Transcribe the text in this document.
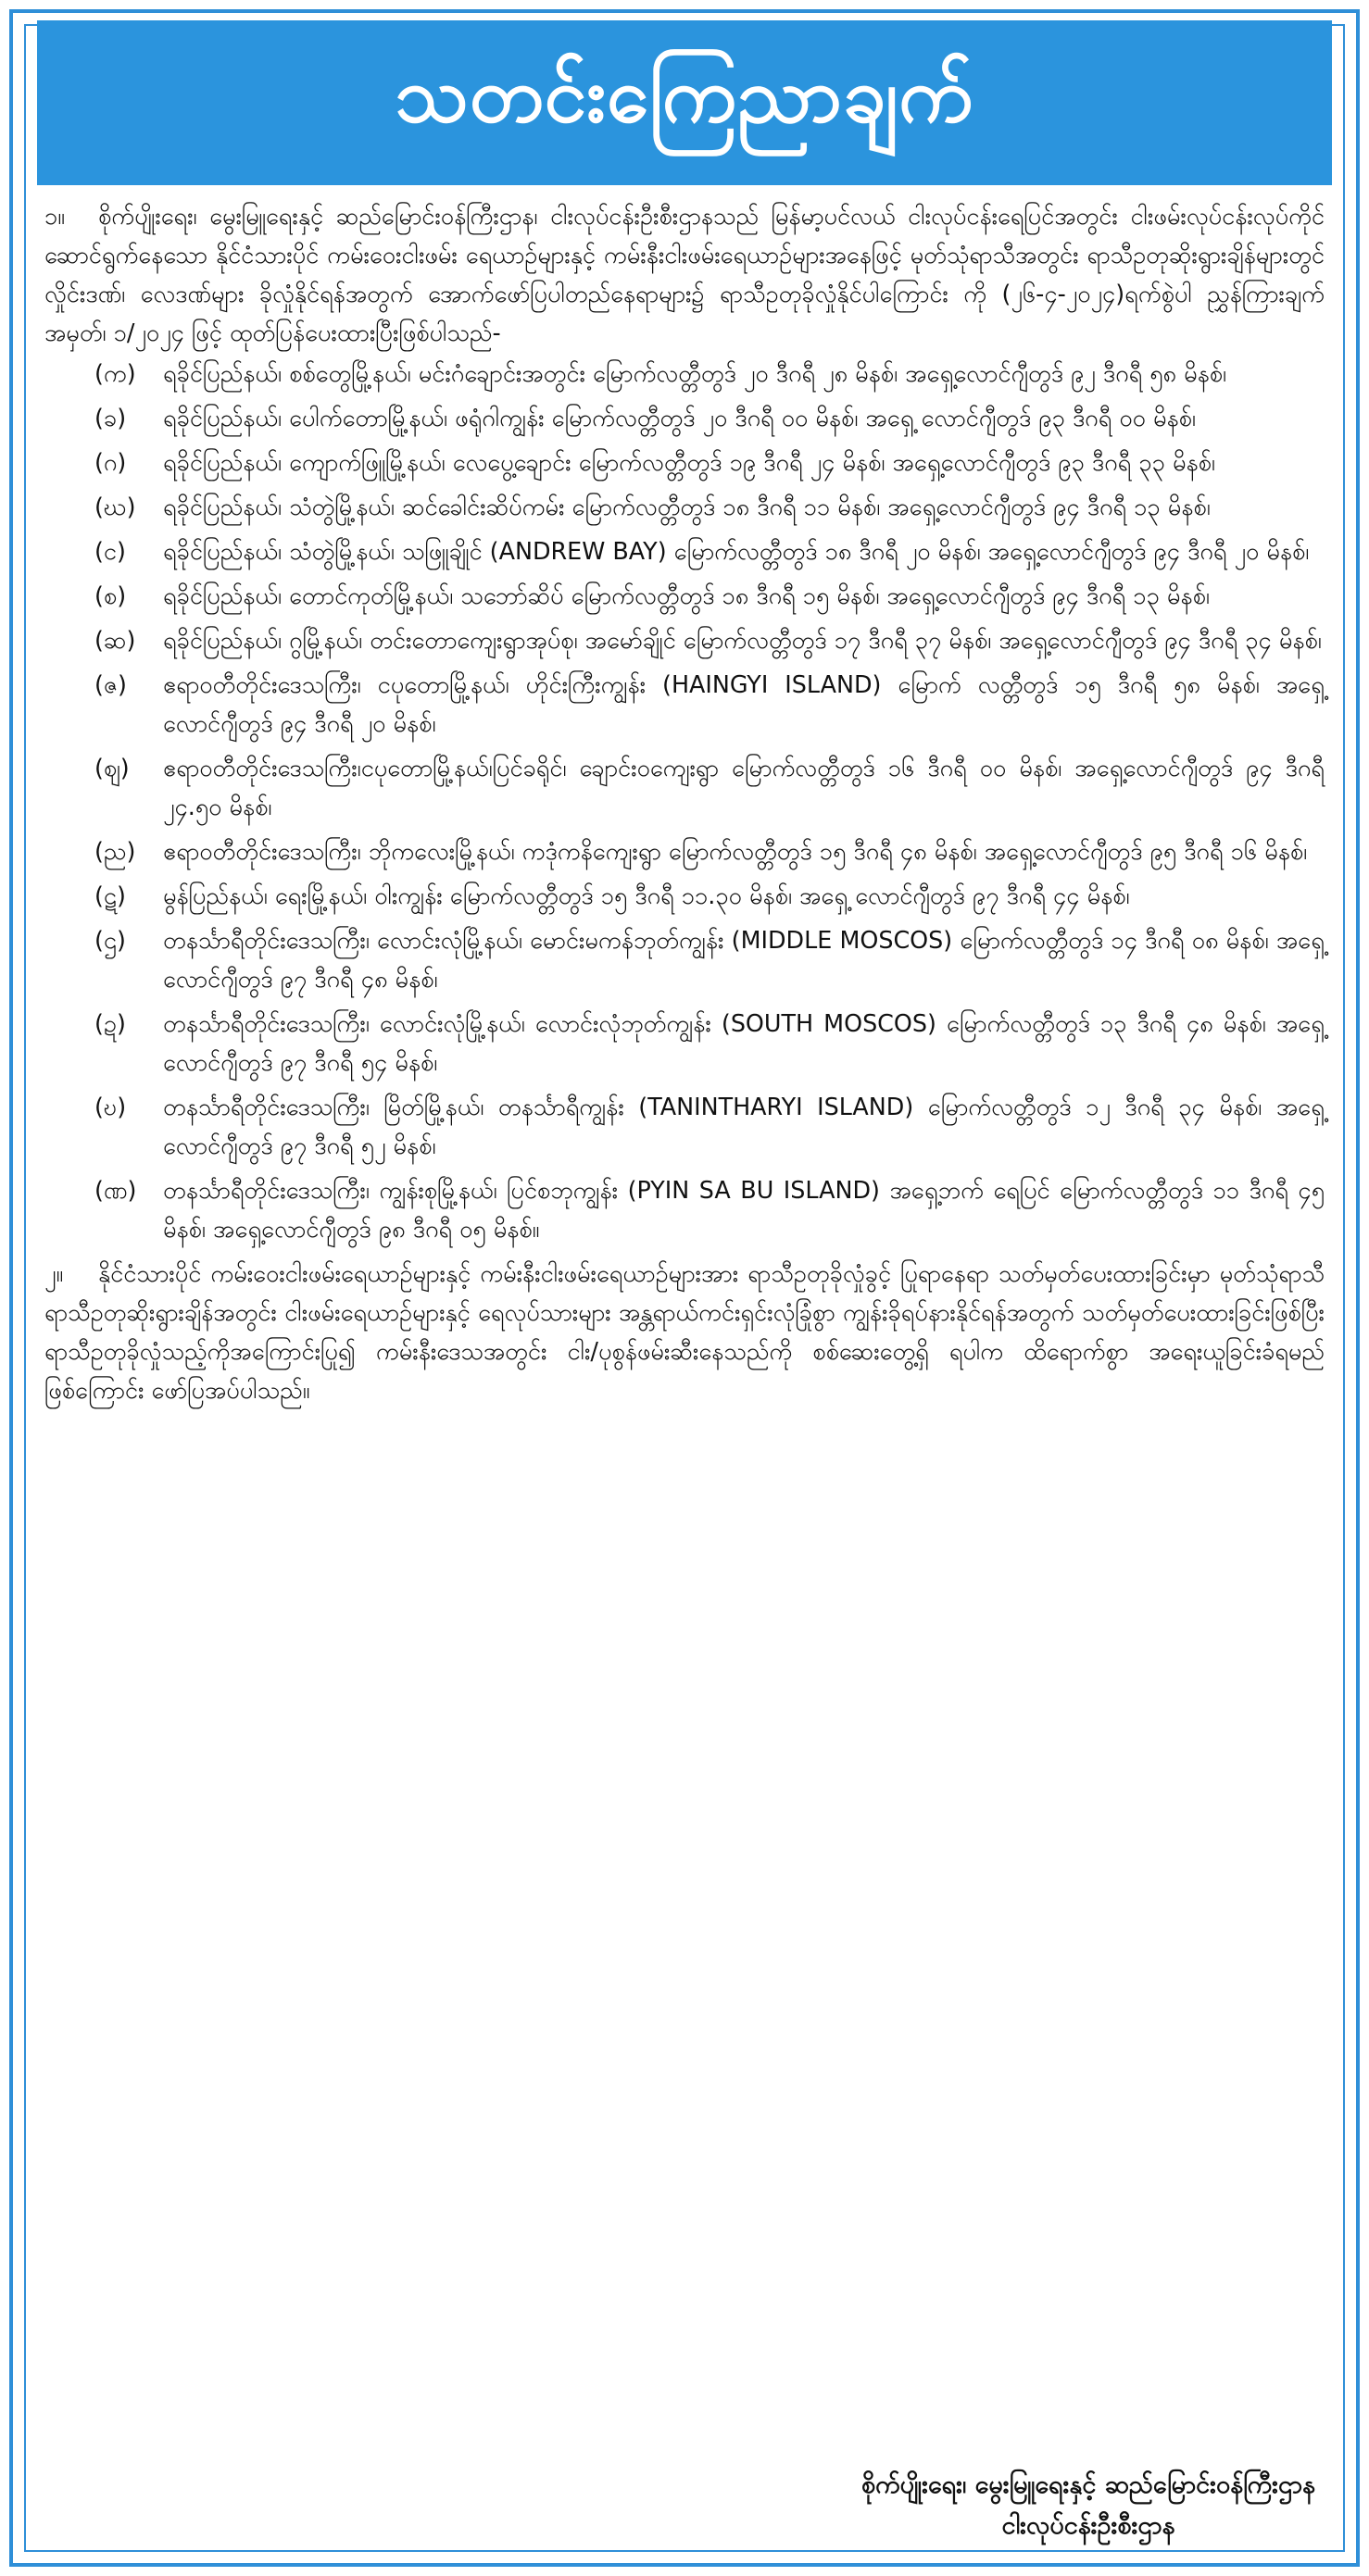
သတင်းကြေညာချက်

၁။ စိုက်ပျိုးရေး၊ မွေးမြူရေးနှင့် ဆည်မြောင်းဝန်ကြီးဌာန၊ ငါးလုပ်ငန်းဦးစီးဌာနသည် မြန်မာ့ပင်လယ် ငါးလုပ်ငန်းရေပြင်အတွင်း ငါးဖမ်းလုပ်ငန်းလုပ်ကိုင်ဆောင်ရွက်နေသော နိုင်ငံသားပိုင် ကမ်းဝေးငါးဖမ်း ရေယာဉ်များနှင့် ကမ်းနီးငါးဖမ်းရေယာဉ်များအနေဖြင့် မုတ်သုံရာသီအတွင်း ရာသီဥတုဆိုးရွားချိန်များတွင် လှိုင်းဒဏ်၊ လေဒဏ်များ ခိုလှုံနိုင်ရန်အတွက် အောက်ဖော်ပြပါတည်နေရာများ၌ ရာသီဥတုခိုလှုံနိုင်ပါကြောင်း ကို (၂၆-၄-၂၀၂၄)ရက်စွဲပါ ညွှန်ကြားချက်အမှတ်၊ ၁/၂၀၂၄ ဖြင့် ထုတ်ပြန်ပေးထားပြီးဖြစ်ပါသည်-

(က)	ရခိုင်ပြည်နယ်၊ စစ်တွေမြို့နယ်၊ မင်းဂံချောင်းအတွင်း မြောက်လတ္တီတွဒ် ၂၀ ဒီဂရီ ၂၈ မိနစ်၊ အရှေ့လောင်ဂျီတွဒ် ၉၂ ဒီဂရီ ၅၈ မိနစ်၊
(ခ)	ရခိုင်ပြည်နယ်၊ ပေါက်တောမြို့နယ်၊ ဖရုံဂါကျွန်း မြောက်လတ္တီတွဒ် ၂၀ ဒီဂရီ ၀၀ မိနစ်၊ အရှေ့ လောင်ဂျီတွဒ် ၉၃ ဒီဂရီ ၀၀ မိနစ်၊
(ဂ)	ရခိုင်ပြည်နယ်၊ ကျောက်ဖြူမြို့နယ်၊ လေပွေ့ချောင်း မြောက်လတ္တီတွဒ် ၁၉ ဒီဂရီ ၂၄ မိနစ်၊ အရှေ့လောင်ဂျီတွဒ် ၉၃ ဒီဂရီ ၃၃ မိနစ်၊
(ဃ)	ရခိုင်ပြည်နယ်၊ သံတွဲမြို့နယ်၊ ဆင်ခေါင်းဆိပ်ကမ်း မြောက်လတ္တီတွဒ် ၁၈ ဒီဂရီ ၁၁ မိနစ်၊ အရှေ့လောင်ဂျီတွဒ် ၉၄ ဒီဂရီ ၁၃ မိနစ်၊
(င)	ရခိုင်ပြည်နယ်၊ သံတွဲမြို့နယ်၊ သဖြူချိုင် (ANDREW BAY) မြောက်လတ္တီတွဒ် ၁၈ ဒီဂရီ ၂၀ မိနစ်၊ အရှေ့လောင်ဂျီတွဒ် ၉၄ ဒီဂရီ ၂၀ မိနစ်၊
(စ)	ရခိုင်ပြည်နယ်၊ တောင်ကုတ်မြို့နယ်၊ သဘော်ဆိပ် မြောက်လတ္တီတွဒ် ၁၈ ဒီဂရီ ၁၅ မိနစ်၊ အရှေ့လောင်ဂျီတွဒ် ၉၄ ဒီဂရီ ၁၃ မိနစ်၊
(ဆ)	ရခိုင်ပြည်နယ်၊ ဂွမြို့နယ်၊ တင်းတောကျေးရွာအုပ်စု၊ အမော်ချိုင် မြောက်လတ္တီတွဒ် ၁၇ ဒီဂရီ ၃၇ မိနစ်၊ အရှေ့လောင်ဂျီတွဒ် ၉၄ ဒီဂရီ ၃၄ မိနစ်၊
(ဇ)	ဧရာဝတီတိုင်းဒေသကြီး၊ ငပုတောမြို့နယ်၊ ဟိုင်းကြီးကျွန်း (HAINGYI ISLAND) မြောက် လတ္တီတွဒ် ၁၅ ဒီဂရီ ၅၈ မိနစ်၊ အရှေ့လောင်ဂျီတွဒ် ၉၄ ဒီဂရီ ၂၀ မိနစ်၊
(ဈ)	ဧရာဝတီတိုင်းဒေသကြီး၊ငပုတောမြို့နယ်၊ပြင်ခရိုင်၊ ချောင်းဝကျေးရွာ မြောက်လတ္တီတွဒ် ၁၆ ဒီဂရီ ၀၀ မိနစ်၊ အရှေ့လောင်ဂျီတွဒ် ၉၄ ဒီဂရီ ၂၄.၅၀ မိနစ်၊
(ည)	ဧရာဝတီတိုင်းဒေသကြီး၊ ဘိုကလေးမြို့နယ်၊ ကဒုံကနိကျေးရွာ မြောက်လတ္တီတွဒ် ၁၅ ဒီဂရီ ၄၈ မိနစ်၊ အရှေ့လောင်ဂျီတွဒ် ၉၅ ဒီဂရီ ၁၆ မိနစ်၊
(ဋ)	မွန်ပြည်နယ်၊ ရေးမြို့နယ်၊ ဝါးကျွန်း မြောက်လတ္တီတွဒ် ၁၅ ဒီဂရီ ၁၁.၃၀ မိနစ်၊ အရှေ့ လောင်ဂျီတွဒ် ၉၇ ဒီဂရီ ၄၄ မိနစ်၊
(ဌ)	တနင်္သာရီတိုင်းဒေသကြီး၊ လောင်းလုံမြို့နယ်၊ မောင်းမကန်ဘုတ်ကျွန်း (MIDDLE MOSCOS) မြောက်လတ္တီတွဒ် ၁၄ ဒီဂရီ ၀၈ မိနစ်၊ အရှေ့လောင်ဂျီတွဒ် ၉၇ ဒီဂရီ ၄၈ မိနစ်၊
(ဍ)	တနင်္သာရီတိုင်းဒေသကြီး၊ လောင်းလုံမြို့နယ်၊ လောင်းလုံဘုတ်ကျွန်း (SOUTH MOSCOS) မြောက်လတ္တီတွဒ် ၁၃ ဒီဂရီ ၄၈ မိနစ်၊ အရှေ့လောင်ဂျီတွဒ် ၉၇ ဒီဂရီ ၅၄ မိနစ်၊
(ဎ)	တနင်္သာရီတိုင်းဒေသကြီး၊ မြိတ်မြို့နယ်၊ တနင်္သာရီကျွန်း (TANINTHARYI ISLAND) မြောက်လတ္တီတွဒ် ၁၂ ဒီဂရီ ၃၄ မိနစ်၊ အရှေ့လောင်ဂျီတွဒ် ၉၇ ဒီဂရီ ၅၂ မိနစ်၊
(ဏ)	တနင်္သာရီတိုင်းဒေသကြီး၊ ကျွန်းစုမြို့နယ်၊ ပြင်စဘုကျွန်း (PYIN SA BU ISLAND) အရှေ့ဘက် ရေပြင် မြောက်လတ္တီတွဒ် ၁၁ ဒီဂရီ ၄၅ မိနစ်၊ အရှေ့လောင်ဂျီတွဒ် ၉၈ ဒီဂရီ ၀၅ မိနစ်။

၂။ နိုင်ငံသားပိုင် ကမ်းဝေးငါးဖမ်းရေယာဉ်များနှင့် ကမ်းနီးငါးဖမ်းရေယာဉ်များအား ရာသီဥတုခိုလှုံခွင့် ပြုရာနေရာ သတ်မှတ်ပေးထားခြင်းမှာ မုတ်သုံရာသီရာသီဥတုဆိုးရွားချိန်အတွင်း ငါးဖမ်းရေယာဉ်များနှင့် ရေလုပ်သားများ အန္တရာယ်ကင်းရှင်းလုံခြုံစွာ ကျွန်းခိုရပ်နားနိုင်ရန်အတွက် သတ်မှတ်ပေးထားခြင်းဖြစ်ပြီး ရာသီဥတုခိုလှုံသည့်ကိုအကြောင်းပြု၍ ကမ်းနီးဒေသအတွင်း ငါး/ပုစွန်ဖမ်းဆီးနေသည်ကို စစ်ဆေးတွေ့ရှိ ရပါက ထိရောက်စွာ အရေးယူခြင်းခံရမည်ဖြစ်ကြောင်း ဖော်ပြအပ်ပါသည်။

စိုက်ပျိုးရေး၊ မွေးမြူရေးနှင့် ဆည်မြောင်းဝန်ကြီးဌာန
ငါးလုပ်ငန်းဦးစီးဌာန
